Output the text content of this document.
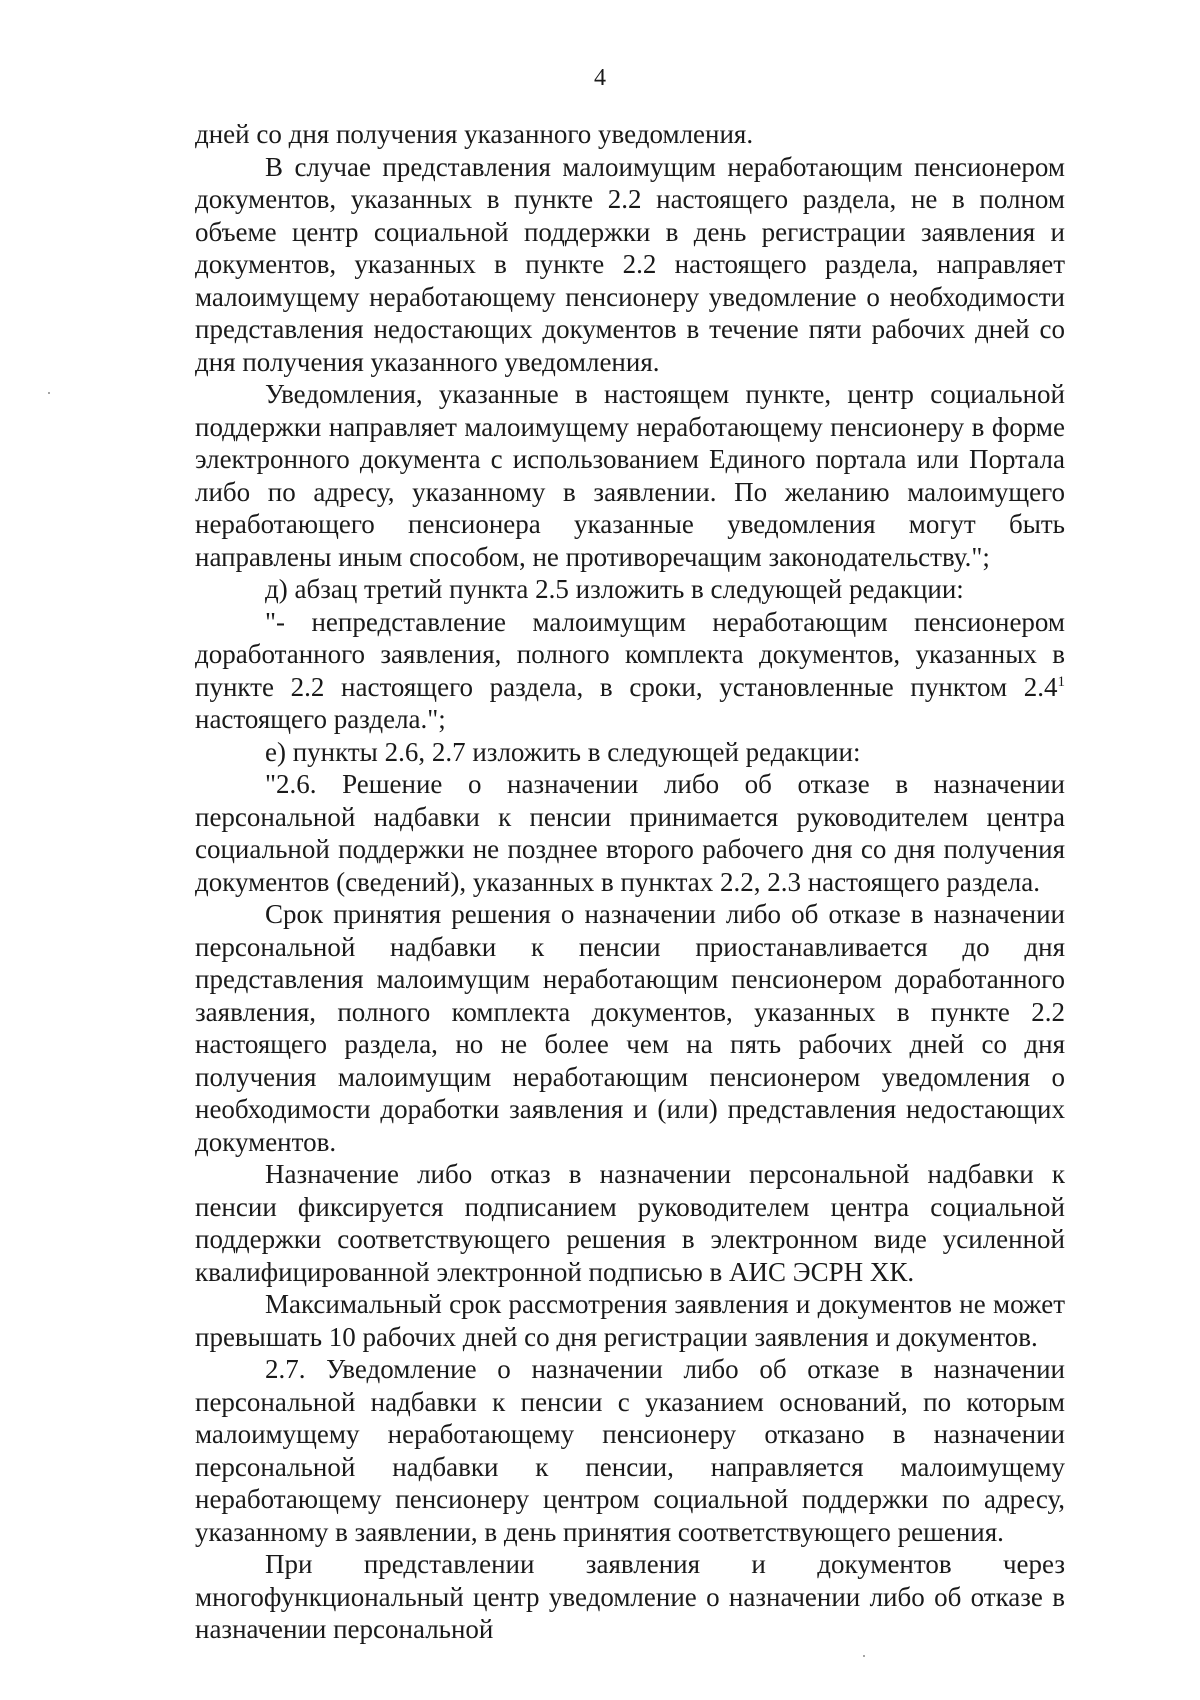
4

дней со дня получения указанного уведомления.

В случае представления малоимущим неработающим пенсионером документов, указанных в пункте 2.2 настоящего раздела, не в полном объеме центр социальной поддержки в день регистрации заявления и документов, указанных в пункте 2.2 настоящего раздела, направляет малоимущему неработающему пенсионеру уведомление о необходимости представления недостающих документов в течение пяти рабочих дней со дня получения указанного уведомления.

Уведомления, указанные в настоящем пункте, центр социальной поддержки направляет малоимущему неработающему пенсионеру в форме электронного документа с использованием Единого портала или Портала либо по адресу, указанному в заявлении. По желанию малоимущего неработающего пенсионера указанные уведомления могут быть направлены иным способом, не противоречащим законодательству.";

д) абзац третий пункта 2.5 изложить в следующей редакции:

"- непредставление малоимущим неработающим пенсионером доработанного заявления, полного комплекта документов, указанных в пункте 2.2 настоящего раздела, в сроки, установленные пунктом $2.4^1$ настоящего раздела.";

е) пункты 2.6, 2.7 изложить в следующей редакции:

"2.6. Решение о назначении либо об отказе в назначении персональной надбавки к пенсии принимается руководителем центра социальной поддержки не позднее второго рабочего дня со дня получения документов (сведений), указанных в пунктах 2.2, 2.3 настоящего раздела.

Срок принятия решения о назначении либо об отказе в назначении персональной надбавки к пенсии приостанавливается до дня представления малоимущим неработающим пенсионером доработанного заявления, полного комплекта документов, указанных в пункте 2.2 настоящего раздела, но не более чем на пять рабочих дней со дня получения малоимущим неработающим пенсионером уведомления о необходимости доработки заявления и (или) представления недостающих документов.

Назначение либо отказ в назначении персональной надбавки к пенсии фиксируется подписанием руководителем центра социальной поддержки соответствующего решения в электронном виде усиленной квалифицированной электронной подписью в АИС ЭСРН ХК.

Максимальный срок рассмотрения заявления и документов не может превышать 10 рабочих дней со дня регистрации заявления и документов.

2.7. Уведомление о назначении либо об отказе в назначении персональной надбавки к пенсии с указанием оснований, по которым малоимущему неработающему пенсионеру отказано в назначении персональной надбавки к пенсии, направляется малоимущему неработающему пенсионеру центром социальной поддержки по адресу, указанному в заявлении, в день принятия соответствующего решения.

При представлении заявления и документов через многофункциональный центр уведомление о назначении либо об отказе в назначении персональной
